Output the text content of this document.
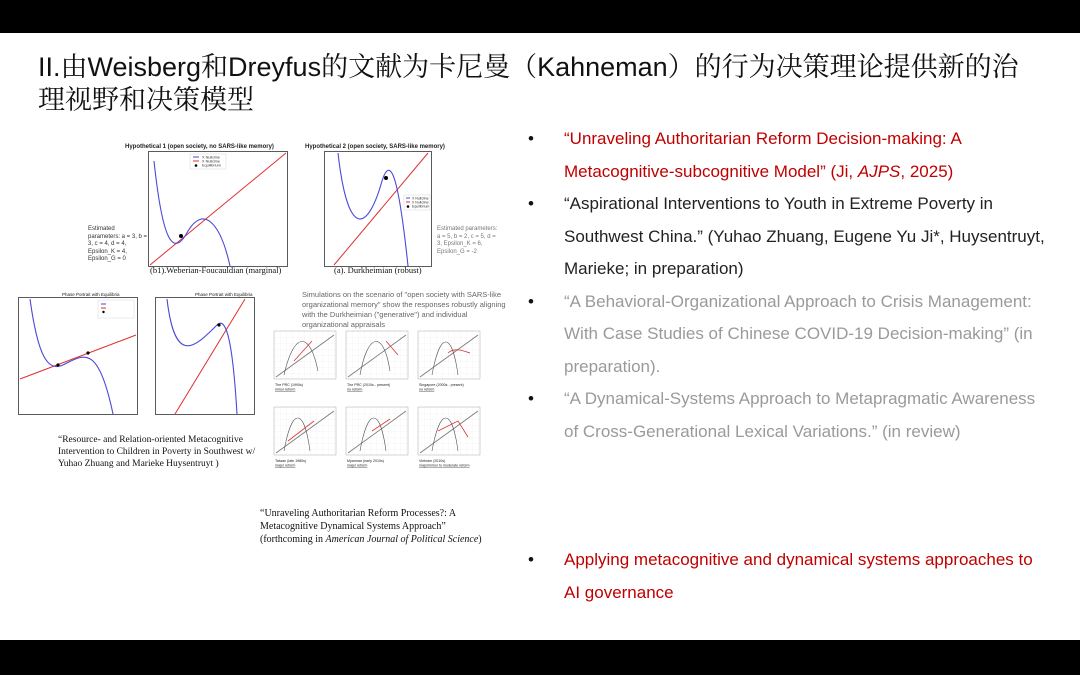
II.由Weisberg和Dreyfus的文献为卡尼曼（Kahneman）的行为决策理论提供新的治理视野和决策模型
Hypothetical 1 (open society, no SARS-like memory)
X Nullcline
X Nullcline
Equilibrium
Estimated parameters: a = 3, b = 3, c = 4, d = 4, Epsilon_K = 4, Epsilon_G = 0
(b1).Weberian-Foucauldian (marginal)
Hypothetical 2 (open society, SARS-like memory)
X Nullcline
X Nullcline
Equilibrium
Estimated parameters: a = 5, b = 2, c = 5, d = 3, Epsilon_K = 6, Epsilon_G = -2
(a). Durkheimian (robust)
Phase Portrait with Equilibria	Phase Portrait with Equilibria	Simulations on the scenario of "open society with SARS-like organizational memory" show the responses robustly aligning with the Durkheimian ("generative") and individual organizational appraisals
The PRC (1990s)
minor reform
The PRC (2010s - present)
no reform
Singapore (2000s - present)
no reform
Taiwan (late 1980s)
major reform
Myanmar (early 2010s)
major reform
Vietnam (2010s)
major/minor to moderate reform
“Resource- and Relation-oriented Metacognitive Intervention to Children in Poverty in Southwest w/ Yuhao Zhuang and Marieke Huysentruyt )
“Unraveling Authoritarian Reform Processes?: A Metacognitive Dynamical Systems Approach” (forthcoming in American Journal of Political Science)
• “Unraveling Authoritarian Reform Decision-making: A Metacognitive-subcognitive Model” (Ji, AJPS, 2025)
• “Aspirational Interventions to Youth in Extreme Poverty in Southwest China.” (Yuhao Zhuang, Eugene Yu Ji*, Huysentruyt, Marieke; in preparation)
• “A Behavioral-Organizational Approach to Crisis Management: With Case Studies of Chinese COVID-19 Decision-making” (in preparation).
• “A Dynamical-Systems Approach to Metapragmatic Awareness of Cross-Generational Lexical Variations.” (in review)
• Applying metacognitive and dynamical systems approaches to AI governance
